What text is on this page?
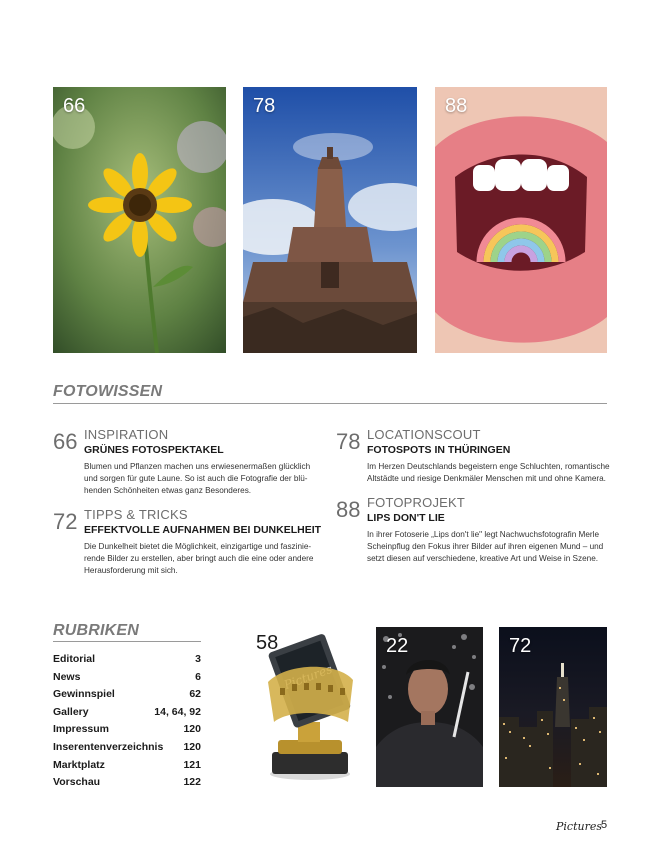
66	78	88
FOTOWISSEN
66 INSPIRATION
GRÜNES FOTOSPEKTAKEL
Blumen und Pflanzen machen uns erwiesenermaßen glücklich
und sorgen für gute Laune. So ist auch die Fotografie der blü-
henden Schönheiten etwas ganz Besonderes.
72 TIPPS & TRICKS
EFFEKTVOLLE AUFNAHMEN BEI DUNKELHEIT
Die Dunkelheit bietet die Möglichkeit, einzigartige und faszinie-
rende Bilder zu erstellen, aber bringt auch die eine oder andere
Herausforderung mit sich.
78 LOCATIONSCOUT
FOTOSPOTS IN THÜRINGEN
Im Herzen Deutschlands begeistern enge Schluchten, romantische
Altstädte und riesige Denkmäler Menschen mit und ohne Kamera.
88 FOTOPROJEKT
LIPS DON'T LIE
In ihrer Fotoserie „Lips don't lie" legt Nachwuchsfotografin Merle
Scheinpflug den Fokus ihrer Bilder auf ihren eigenen Mund – und
setzt diesen auf verschiedene, kreative Art und Weise in Szene.
RUBRIKEN
Editorial	3
News	6
Gewinnspiel	62
Gallery	14, 64, 92
Impressum	120
Inserentenverzeichnis 120
Marktplatz	121
Vorschau	122
58	22	72
Pictures 5
